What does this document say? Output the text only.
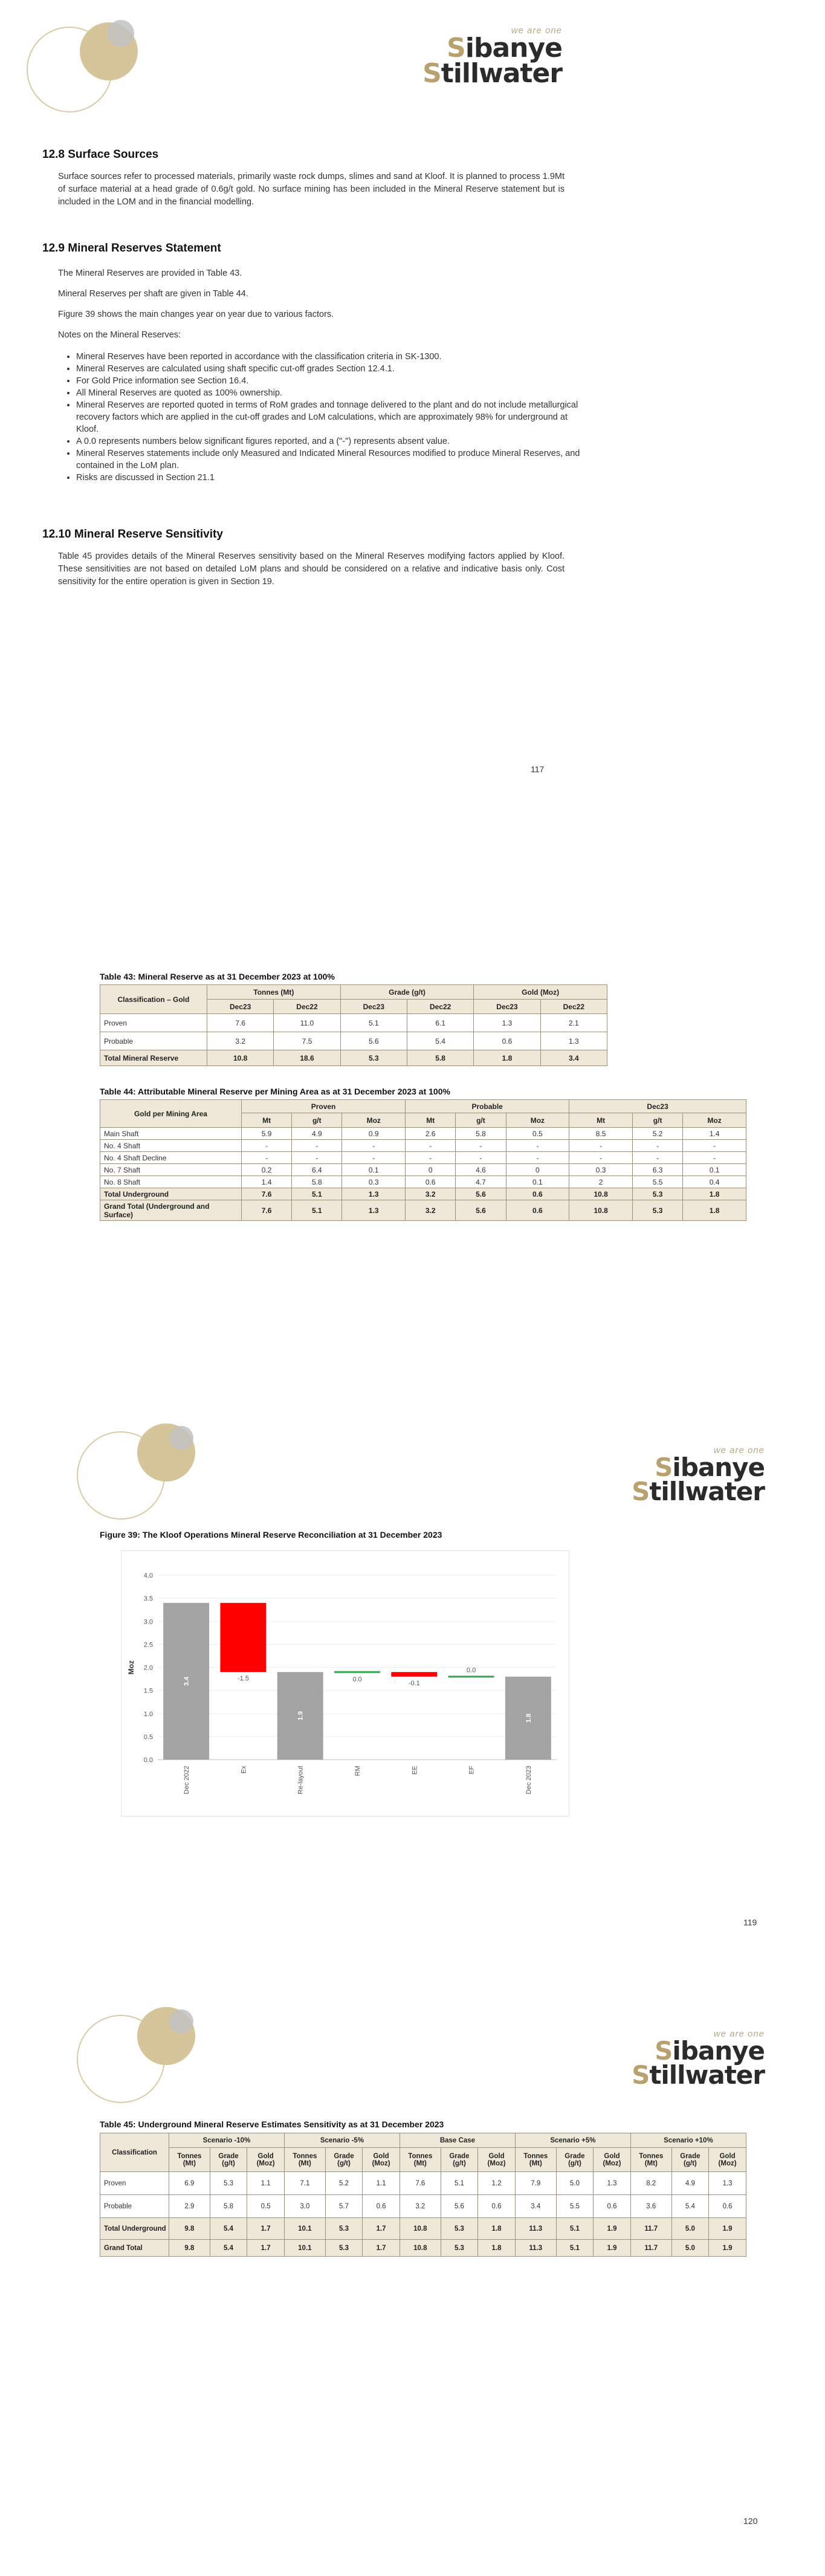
we are one
Sibanye
Stillwater
12.8 Surface Sources

Surface sources refer to processed materials, primarily waste rock dumps, slimes and sand at Kloof. It is planned to process 1.9Mt of surface material at a head grade of 0.6g/t gold. No surface mining has been included in the Mineral Reserve statement but is included in the LOM and in the financial modelling.

12.9 Mineral Reserves Statement

The Mineral Reserves are provided in Table 43.

Mineral Reserves per shaft are given in Table 44.

Figure 39 shows the main changes year on year due to various factors.

Notes on the Mineral Reserves:

• Mineral Reserves have been reported in accordance with the classification criteria in SK-1300.
• Mineral Reserves are calculated using shaft specific cut-off grades Section 12.4.1.
• For Gold Price information see Section 16.4.
• All Mineral Reserves are quoted as 100% ownership.
• Mineral Reserves are reported quoted in terms of RoM grades and tonnage delivered to the plant and do not include metallurgical recovery factors which are applied in the cut-off grades and LoM calculations, which are approximately 98% for underground at Kloof.
• A 0.0 represents numbers below significant figures reported, and a ("-") represents absent value.
• Mineral Reserves statements include only Measured and Indicated Mineral Resources modified to produce Mineral Reserves, and contained in the LoM plan.
• Risks are discussed in Section 21.1
12.10 Mineral Reserve Sensitivity

Table 45 provides details of the Mineral Reserves sensitivity based on the Mineral Reserves modifying factors applied by Kloof. These sensitivities are not based on detailed LoM plans and should be considered on a relative and indicative basis only. Cost sensitivity for the entire operation is given in Section 19.

117
Table 43: Mineral Reserve as at 31 December 2023 at 100%
Classification – Gold	Tonnes (Mt)		Grade (g/t)		Gold (Moz)	
	Dec23	Dec22	Dec23	Dec22	Dec23	Dec22
Proven	7.6	11.0	5.1	6.1	1.3	2.1
Probable	3.2	7.5	5.6	5.4	0.6	1.3
Total Mineral Reserve	10.8	18.6	5.3	5.8	1.8	3.4
Table 44: Attributable Mineral Reserve per Mining Area as at 31 December 2023 at 100%
Gold per Mining Area	Proven			Probable			Dec23		
	Mt	g/t	Moz	Mt	g/t	Moz	Mt	g/t	Moz
Main Shaft	5.9	4.9	0.9	2.6	5.8	0.5	8.5	5.2	1.4
No. 4 Shaft	-	-	-	-	-	-	-	-	-
No. 4 Shaft Decline	-	-	-	-	-	-	-	-	-
No. 7 Shaft	0.2	6.4	0.1	0	4.6	0	0.3	6.3	0.1
No. 8 Shaft	1.4	5.8	0.3	0.6	4.7	0.1	2	5.5	0.4
Total Underground	7.6	5.1	1.3	3.2	5.6	0.6	10.8	5.3	1.8
Grand Total (Underground and Surface)	7.6	5.1	1.3	3.2	5.6	0.6	10.8	5.3	1.8
we are one
Sibanye
Stillwater
Figure 39: The Kloof Operations Mineral Reserve Reconciliation at 31 December 2023
0.0
0.5
1.0
1.5
2.0
2.5
3.0
3.5
4.0
Moz
3.4
Dec 2022
-1.5
Ex
1.9
Re-layout
0.0
RM
-0.1
EE
0.0
EF
1.8
Dec 2023
119
we are one
Sibanye
Stillwater
Table 45: Underground Mineral Reserve Estimates Sensitivity as at 31 December 2023
Classification	Scenario -10%			Scenario -5%			Base Case			Scenario +5%			Scenario +10%		
	Tonnes (Mt)	Grade (g/t)	Gold (Moz)	Tonnes (Mt)	Grade (g/t)	Gold (Moz)	Tonnes (Mt)	Grade (g/t)	Gold (Moz)	Tonnes (Mt)	Grade (g/t)	Gold (Moz)	Tonnes (Mt)	Grade (g/t)	Gold (Moz)
Proven	6.9	5.3	1.1	7.1	5.2	1.1	7.6	5.1	1.2	7.9	5.0	1.3	8.2	4.9	1.3
Probable	2.9	5.8	0.5	3.0	5.7	0.6	3.2	5.6	0.6	3.4	5.5	0.6	3.6	5.4	0.6
Total Underground	9.8	5.4	1.7	10.1	5.3	1.7	10.8	5.3	1.8	11.3	5.1	1.9	11.7	5.0	1.9
Grand Total	9.8	5.4	1.7	10.1	5.3	1.7	10.8	5.3	1.8	11.3	5.1	1.9	11.7	5.0	1.9
120
